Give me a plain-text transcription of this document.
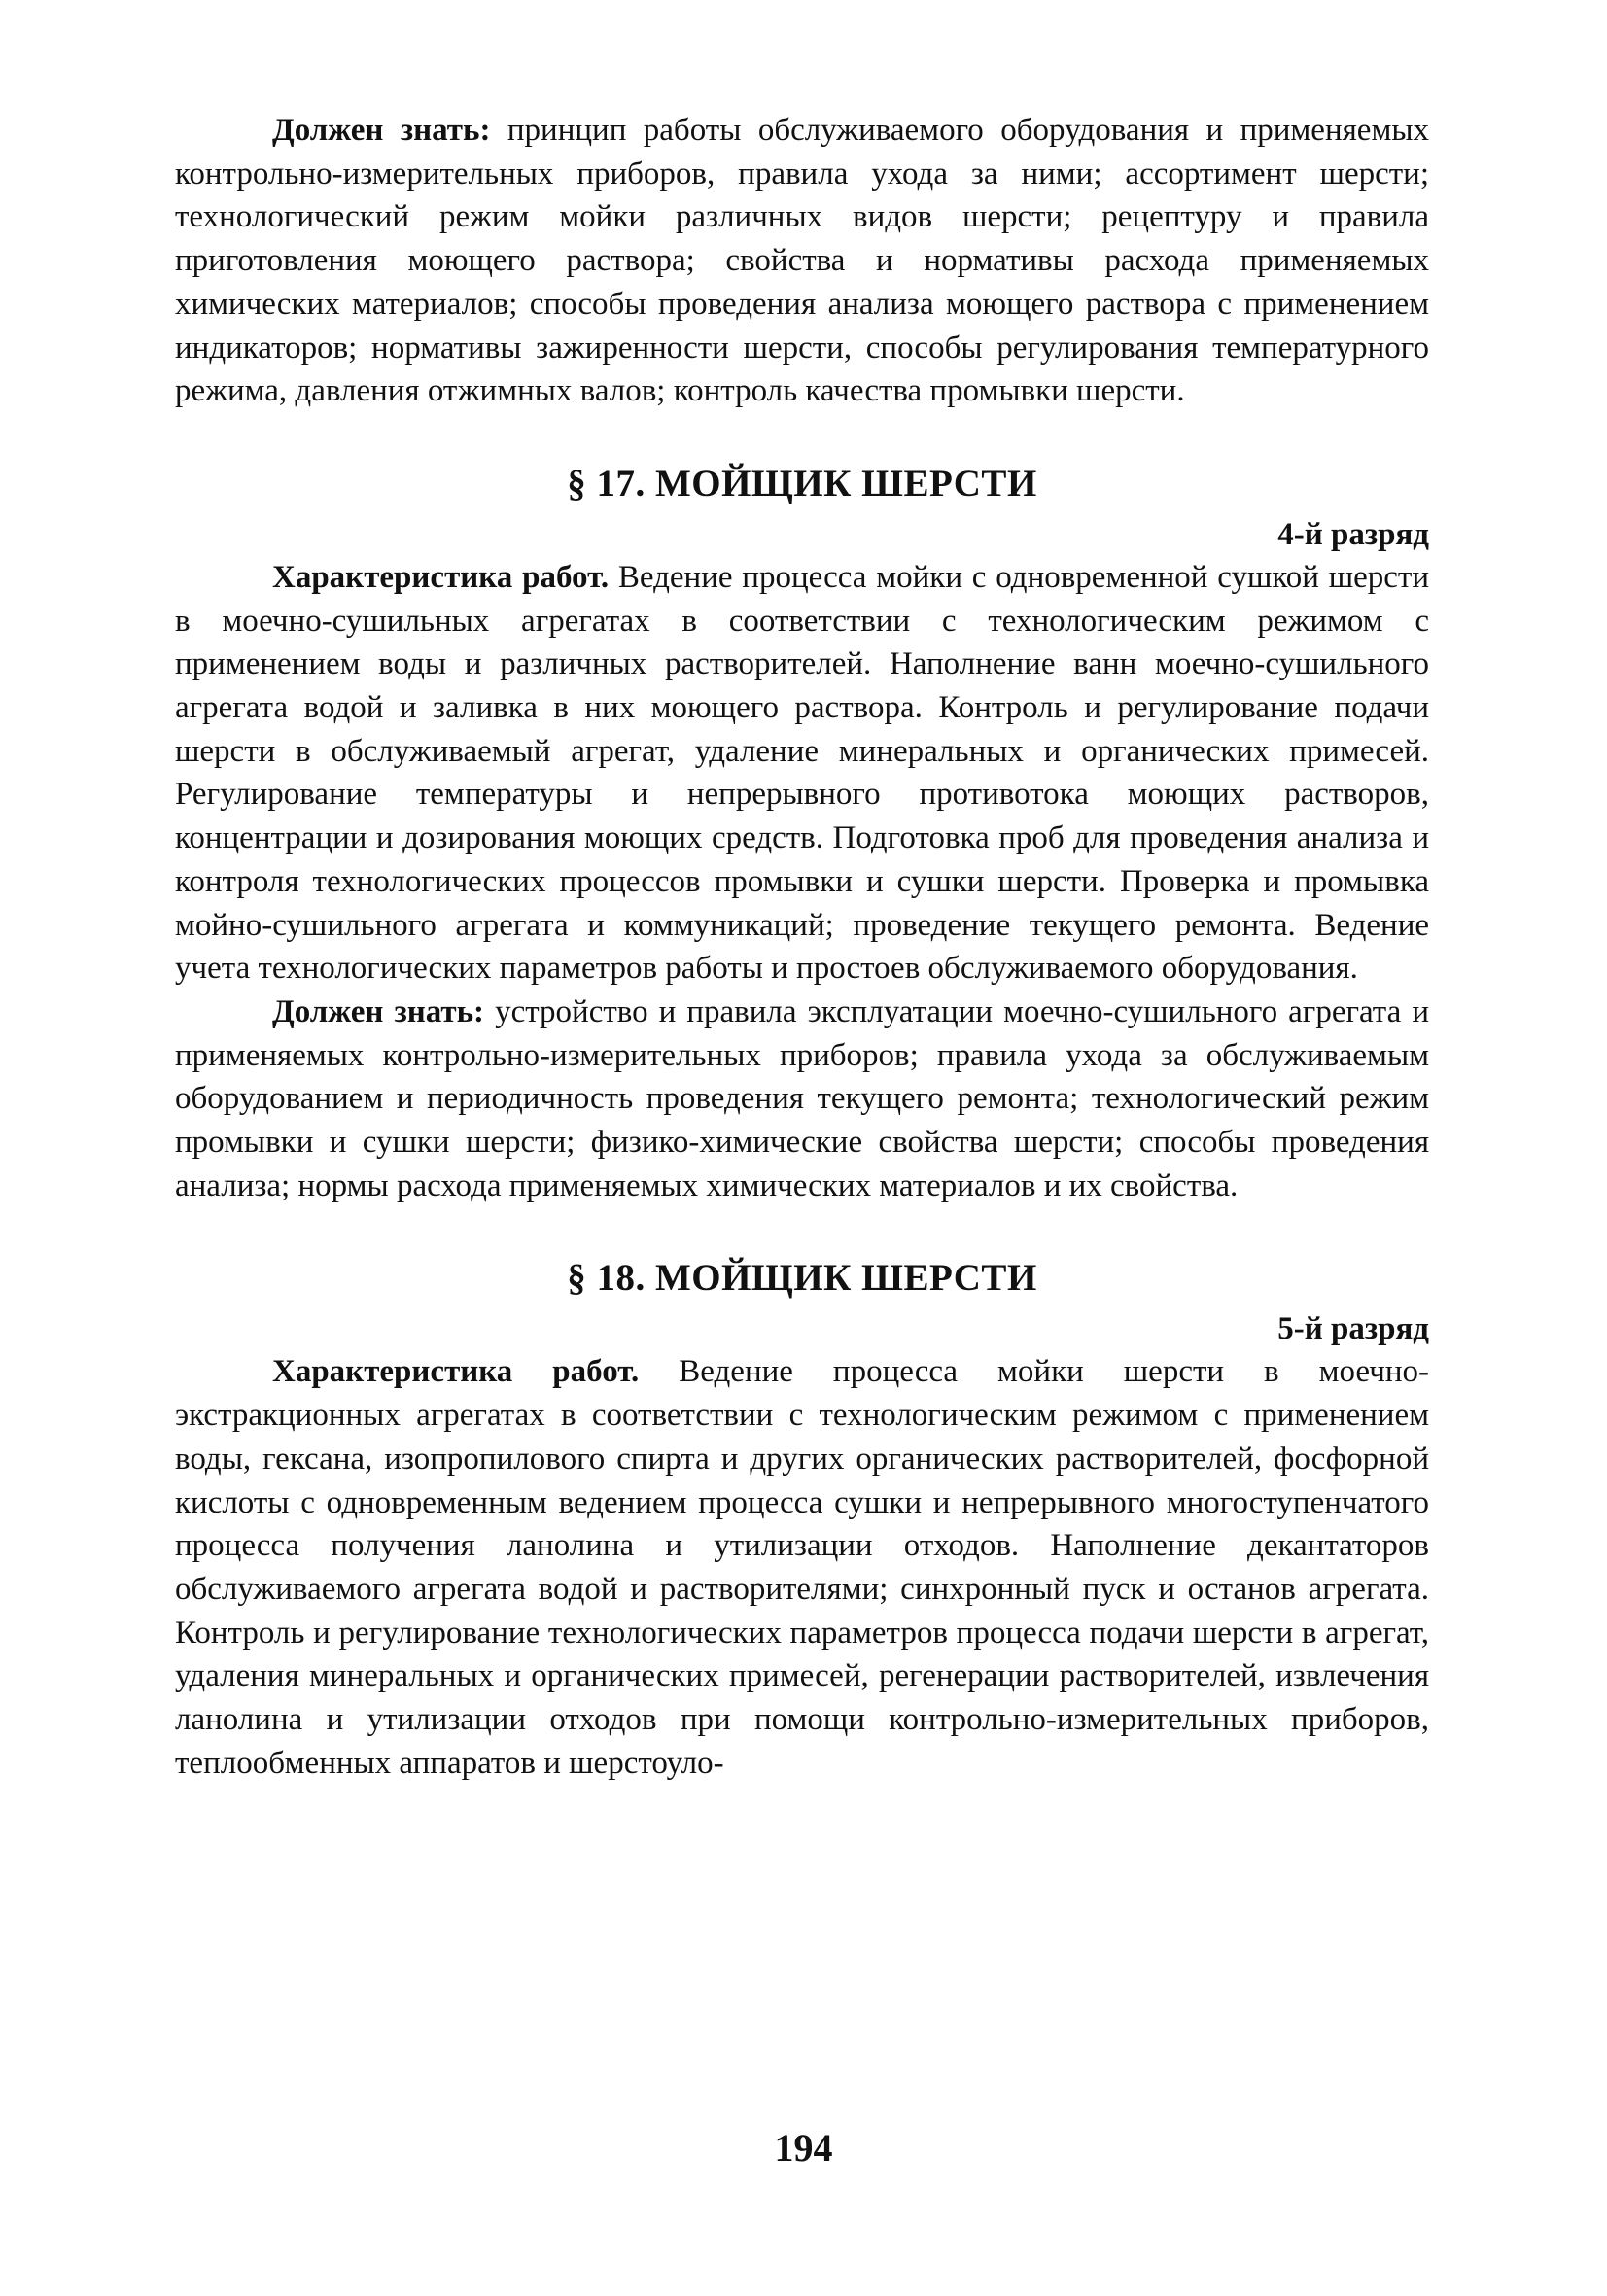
Должен знать: принцип работы обслуживаемого оборудования и применяемых контрольно-измерительных приборов, правила ухода за ними; ассортимент шерсти; технологический режим мойки различных видов шерсти; рецептуру и правила приготовления моющего раствора; свойства и нормативы расхода применяемых химических материалов; способы проведения анализа моющего раствора с применением индикаторов; нормативы зажиренности шерсти, способы регулирования температурного режима, давления отжимных валов; контроль качества промывки шерсти.

§ 17. МОЙЩИК ШЕРСТИ
4-й разряд

Характеристика работ. Ведение процесса мойки с одновременной сушкой шерсти в моечно-сушильных агрегатах в соответствии с технологическим режимом с применением воды и различных растворителей. Наполнение ванн моечно-сушильного агрегата водой и заливка в них моющего раствора. Контроль и регулирование подачи шерсти в обслуживаемый агрегат, удаление минеральных и органических примесей. Регулирование температуры и непрерывного противотока моющих растворов, концентрации и дозирования моющих средств. Подготовка проб для проведения анализа и контроля технологических процессов промывки и сушки шерсти. Проверка и промывка мойно-сушильного агрегата и коммуникаций; проведение текущего ремонта. Ведение учета технологических параметров работы и простоев обслуживаемого оборудования.

Должен знать: устройство и правила эксплуатации моечно-сушильного агрегата и применяемых контрольно-измерительных приборов; правила ухода за обслуживаемым оборудованием и периодичность проведения текущего ремонта; технологический режим промывки и сушки шерсти; физико-химические свойства шерсти; способы проведения анализа; нормы расхода применяемых химических материалов и их свойства.

§ 18. МОЙЩИК ШЕРСТИ
5-й разряд

Характеристика работ. Ведение процесса мойки шерсти в моечно-экстракционных агрегатах в соответствии с технологическим режимом с применением воды, гексана, изопропилового спирта и других органических растворителей, фосфорной кислоты с одновременным ведением процесса сушки и непрерывного многоступенчатого процесса получения ланолина и утилизации отходов. Наполнение декантаторов обслуживаемого агрегата водой и растворителями; синхронный пуск и останов агрегата. Контроль и регулирование технологических параметров процесса подачи шерсти в агрегат, удаления минеральных и органических примесей, регенерации растворителей, извлечения ланолина и утилизации отходов при помощи контрольно-измерительных приборов, теплообменных аппаратов и шерстоуло-

194
